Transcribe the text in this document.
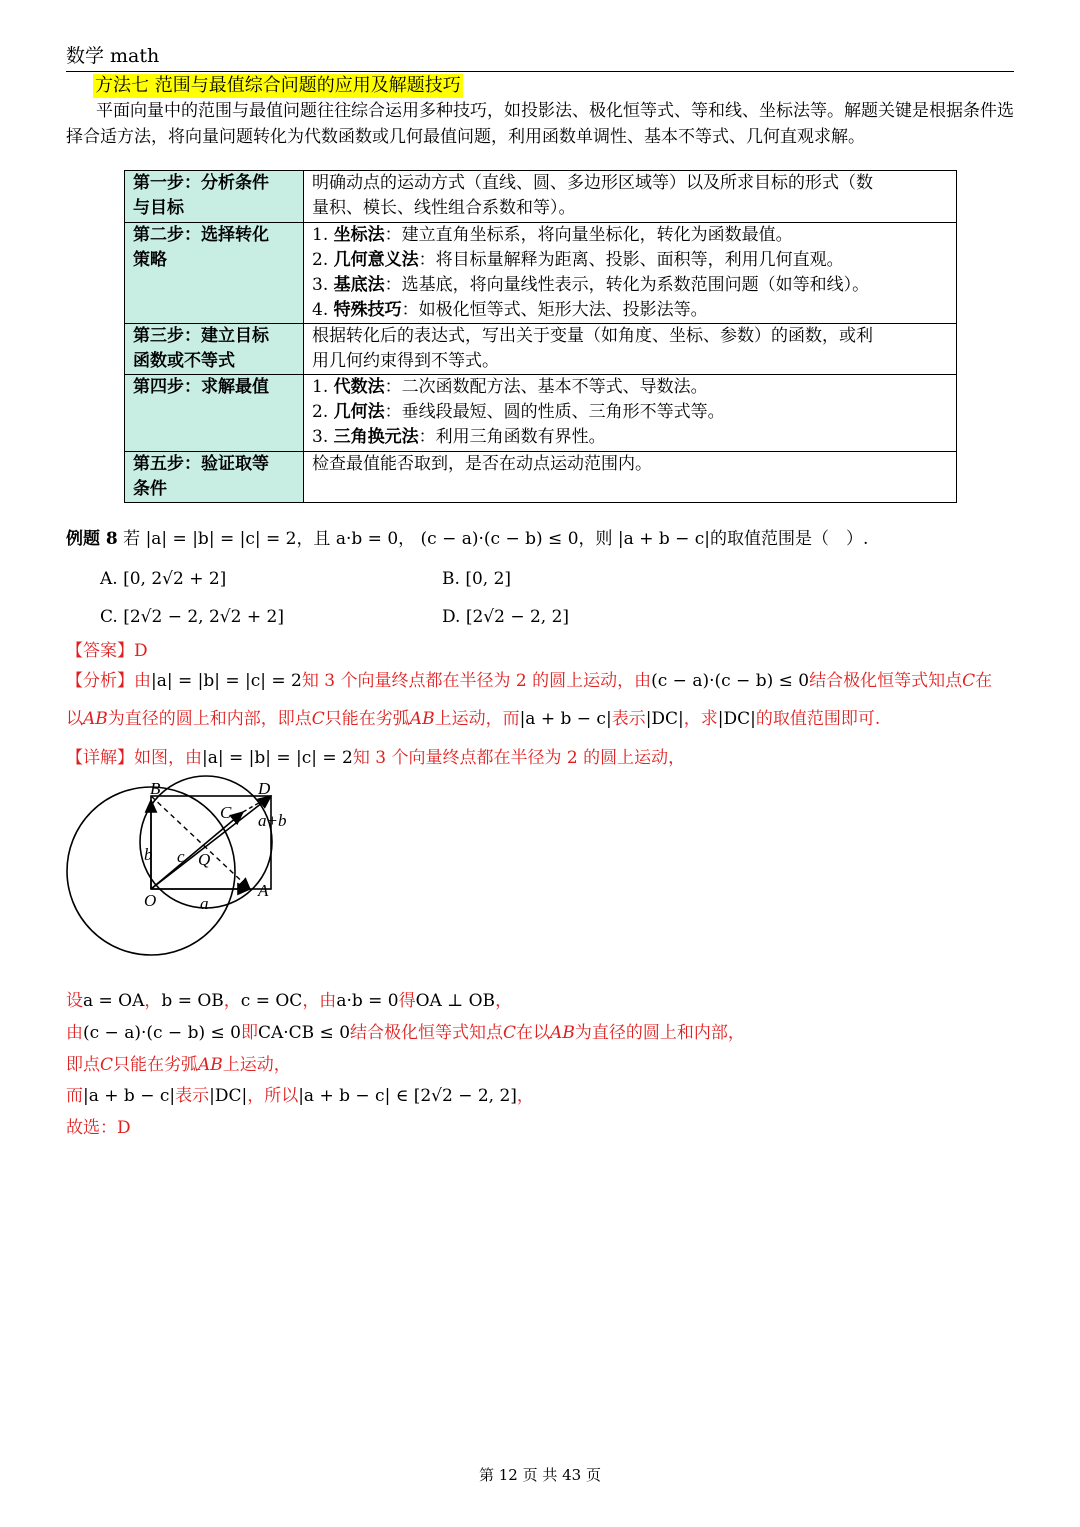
数学 math
方法七 范围与最值综合问题的应用及解题技巧

平面向量中的范围与最值问题往往综合运用多种技巧，如投影法、极化恒等式、等和线、坐标法等。解题关键是根据条件选择合适方法，将向量问题转化为代数函数或几何最值问题，利用函数单调性、基本不等式、几何直观求解。

第一步：分析条件
与目标	明确动点的运动方式（直线、圆、多边形区域等）以及所求目标的形式（数
量积、模长、线性组合系数和等）。

第二步：选择转化
策略	1. 坐标法：建立直角坐标系，将向量坐标化，转化为函数最值。
2. 几何意义法：将目标量解释为距离、投影、面积等，利用几何直观。
3. 基底法：选基底，将向量线性表示，转化为系数范围问题（如等和线）。
4. 特殊技巧：如极化恒等式、矩形大法、投影法等。

第三步：建立目标
函数或不等式	根据转化后的表达式，写出关于变量（如角度、坐标、参数）的函数，或利
用几何约束得到不等式。

第四步：求解最值	1. 代数法：二次函数配方法、基本不等式、导数法。
2. 几何法：垂线段最短、圆的性质、三角形不等式等。
3. 三角换元法：利用三角函数有界性。

第五步：验证取等
条件	检查最值能否取到，是否在动点运动范围内。
例题 8 若 |a| = |b| = |c| = 2，且 a·b = 0， (c − a)·(c − b) ≤ 0，则 |a + b − c|的取值范围是（　）.
A. [0, 2√2 + 2]	B. [0, 2]
C. [2√2 − 2, 2√2 + 2]	D. [2√2 − 2, 2]
【答案】D
【分析】由|a| = |b| = |c| = 2知 3 个向量终点都在半径为 2 的圆上运动，由(c − a)·(c − b) ≤ 0结合极化恒等式知点C在
以AB为直径的圆上和内部，即点C只能在劣弧AB上运动，而|a + b − c|表示|DC|，求|DC|的取值范围即可.
【详解】如图，由|a| = |b| = |c| = 2知 3 个向量终点都在半径为 2 的圆上运动，
B	D
C
Q
O
A
a
b c
a+b
设a = OA，b = OB，c = OC，由a·b = 0得OA ⊥ OB，
由(c − a)·(c − b) ≤ 0即CA·CB ≤ 0结合极化恒等式知点C在以AB为直径的圆上和内部，
即点C只能在劣弧AB上运动，
而|a + b − c|表示|DC|，所以|a + b − c| ∈ [2√2 − 2, 2]，
故选：D
第 12 页 共 43 页
